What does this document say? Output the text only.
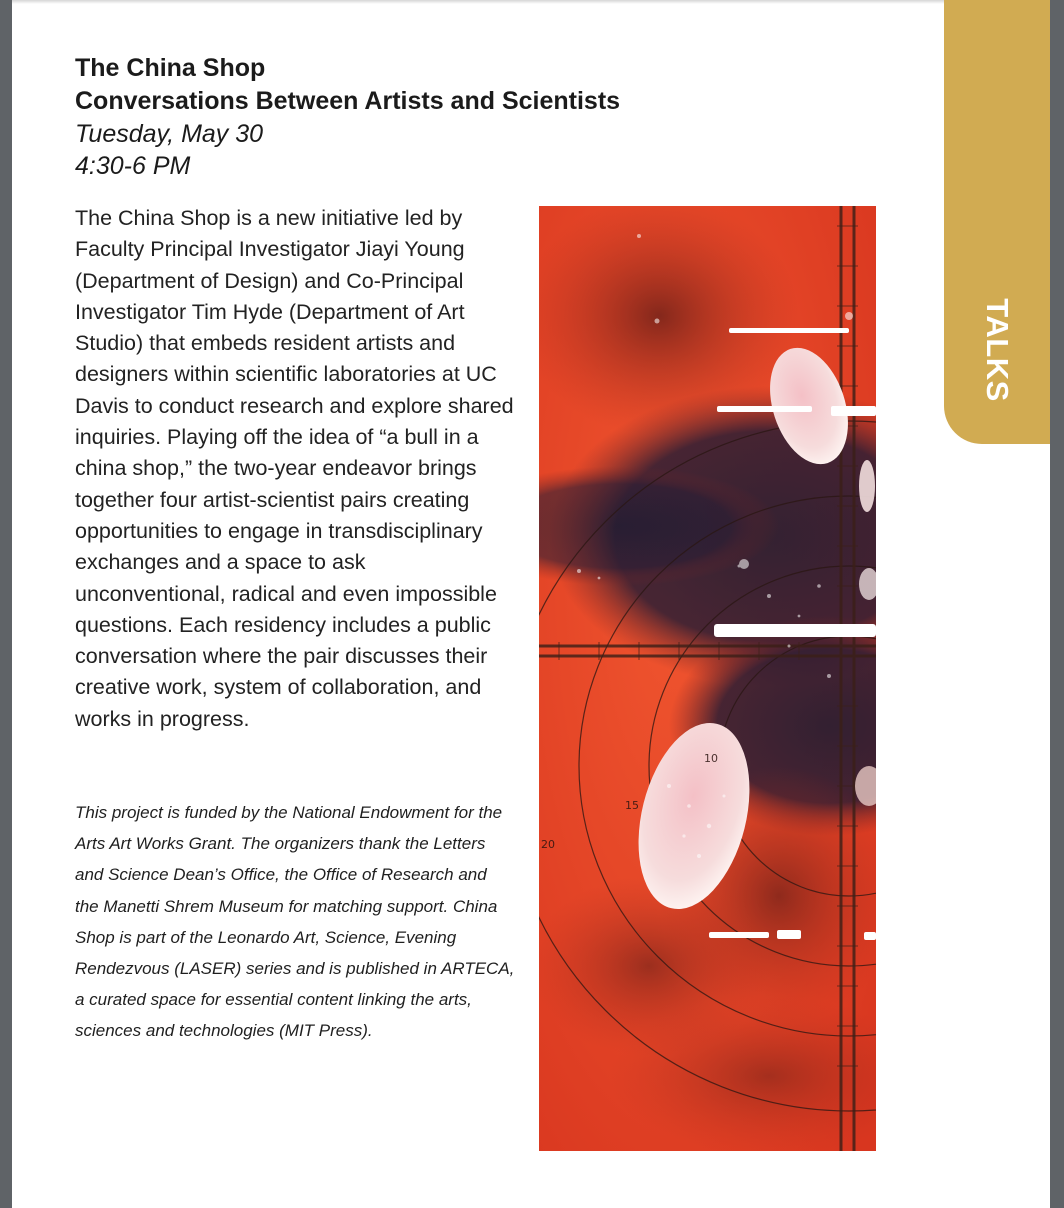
TALKS
The China Shop
Conversations Between Artists and Scientists
Tuesday, May 30
4:30-6 PM
The China Shop is a new initiative led by Faculty Principal Investigator Jiayi Young (Department of Design) and Co-Principal Investigator Tim Hyde (Department of Art Studio) that embeds resident artists and designers within scientific laboratories at UC Davis to conduct research and explore shared inquiries. Playing off the idea of “a bull in a china shop,” the two-year endeavor brings together four artist-scientist pairs creating opportunities to engage in transdisciplinary exchanges and a space to ask unconventional, radical and even impossible questions. Each residency includes a public conversation where the pair discusses their creative work, system of collaboration, and works in progress.
This project is funded by the National Endowment for the Arts Art Works Grant. The organizers thank the Letters and Science Dean’s Office, the Office of Research and the Manetti Shrem Museum for matching support. China Shop is part of the Leonardo Art, Science, Evening Rendezvous (LASER) series and is published in ARTECA, a curated space for essential content linking the arts, sciences and technologies (MIT Press).
10
15
20
